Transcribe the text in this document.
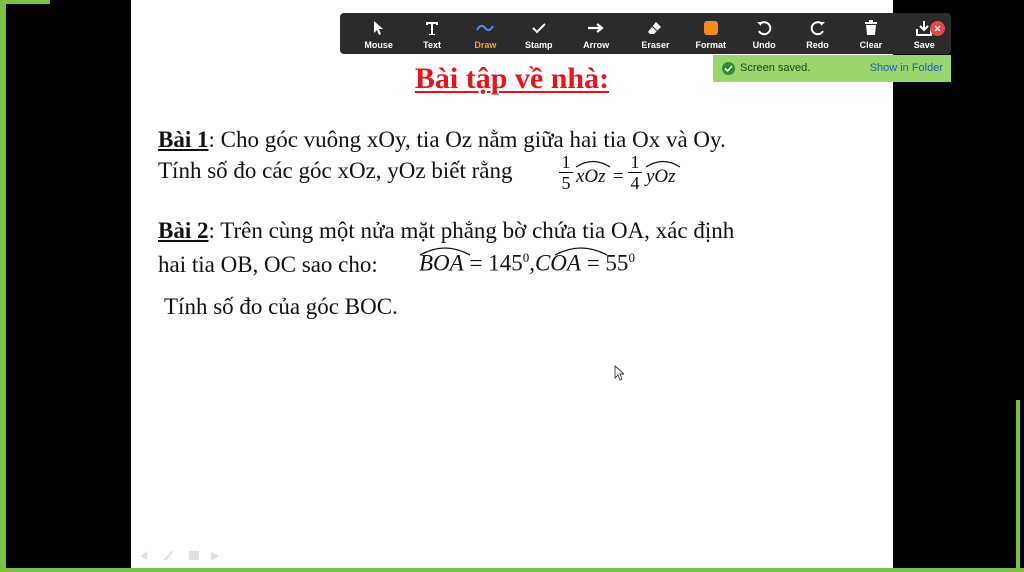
Bài tập về nhà:
Bài 1: Cho góc vuông xOy, tia Oz nằm giữa hai tia Ox và Oy.
Tính số đo các góc xOz, yOz biết rằng	1
5 xOz =
1
4 yOz
Bài 2: Trên cùng một nửa mặt phẳng bờ chứa tia OA, xác định
hai tia OB, OC sao cho: BOA = $145^0,COA = 55^0$
Tính số đo của góc BOC.
Mouse	Text	Draw	Stamp	Arrow	Eraser	Format	Undo	Redo	Clear	Save
Screen saved.	Show in Folder
